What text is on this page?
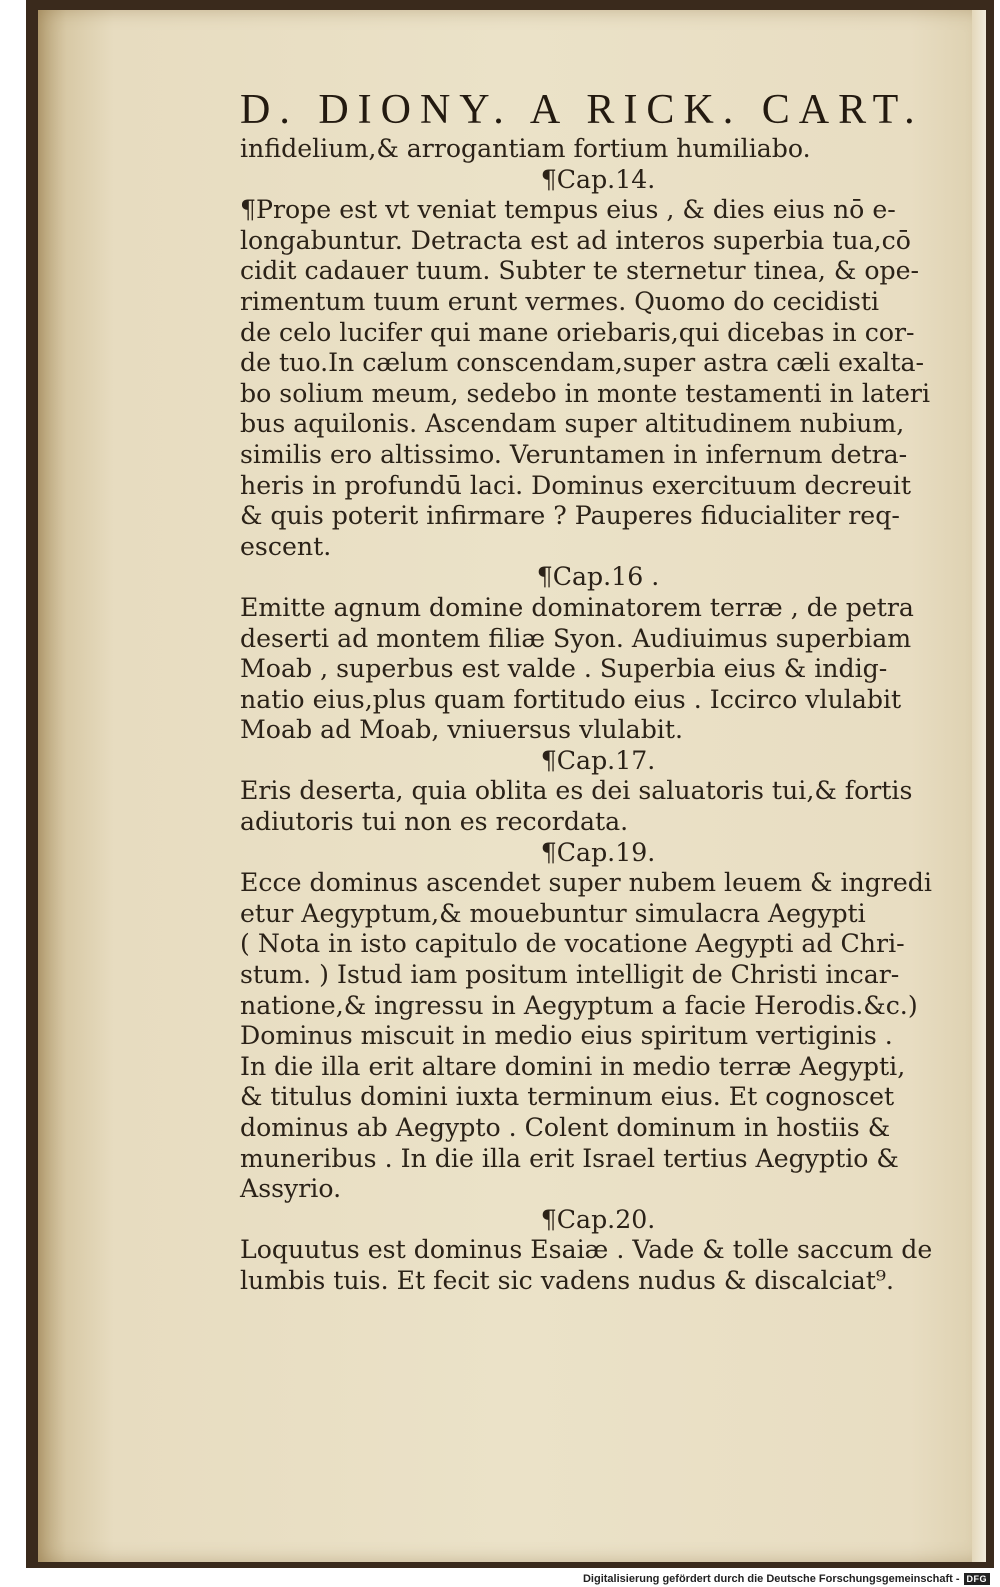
D. DIONY. A RICK. CART.
infidelium,& arrogantiam fortium humiliabo.
¶Cap.14.
¶Prope est vt veniat tempus eius , & dies eius nō e-
longabuntur. Detracta est ad interos superbia tua,cō
cidit cadauer tuum. Subter te sternetur tinea, & ope-
rimentum tuum erunt vermes. Quomo do cecidisti
de celo lucifer qui mane oriebaris,qui dicebas in cor-
de tuo.In cælum conscendam,super astra cæli exalta-
bo solium meum, sedebo in monte testamenti in lateri
bus aquilonis. Ascendam super altitudinem nubium,
similis ero altissimo. Veruntamen in infernum detra-
heris in profundū laci. Dominus exercituum decreuit
& quis poterit infirmare ? Pauperes fiducialiter req-
escent.
¶Cap.16 .
Emitte agnum domine dominatorem terræ , de petra
deserti ad montem filiæ Syon. Audiuimus superbiam
Moab , superbus est valde . Superbia eius & indig-
natio eius,plus quam fortitudo eius . Iccirco vlulabit
Moab ad Moab, vniuersus vlulabit.
¶Cap.17.
Eris deserta, quia oblita es dei saluatoris tui,& fortis
adiutoris tui non es recordata.
¶Cap.19.
Ecce dominus ascendet super nubem leuem & ingredi
etur Aegyptum,& mouebuntur simulacra Aegypti
( Nota in isto capitulo de vocatione Aegypti ad Chri-
stum. ) Istud iam positum intelligit de Christi incar-
natione,& ingressu in Aegyptum a facie Herodis.&c.)
Dominus miscuit in medio eius spiritum vertiginis .
In die illa erit altare domini in medio terræ Aegypti,
& titulus domini iuxta terminum eius. Et cognoscet
dominus ab Aegypto . Colent dominum in hostiis &
muneribus . In die illa erit Israel tertius Aegyptio &
Assyrio.
¶Cap.20.
Loquutus est dominus Esaiæ . Vade & tolle saccum de
lumbis tuis. Et fecit sic vadens nudus & discalciat⁹.
Digitalisierung gefördert durch die Deutsche Forschungsgemeinschaft - DFG
